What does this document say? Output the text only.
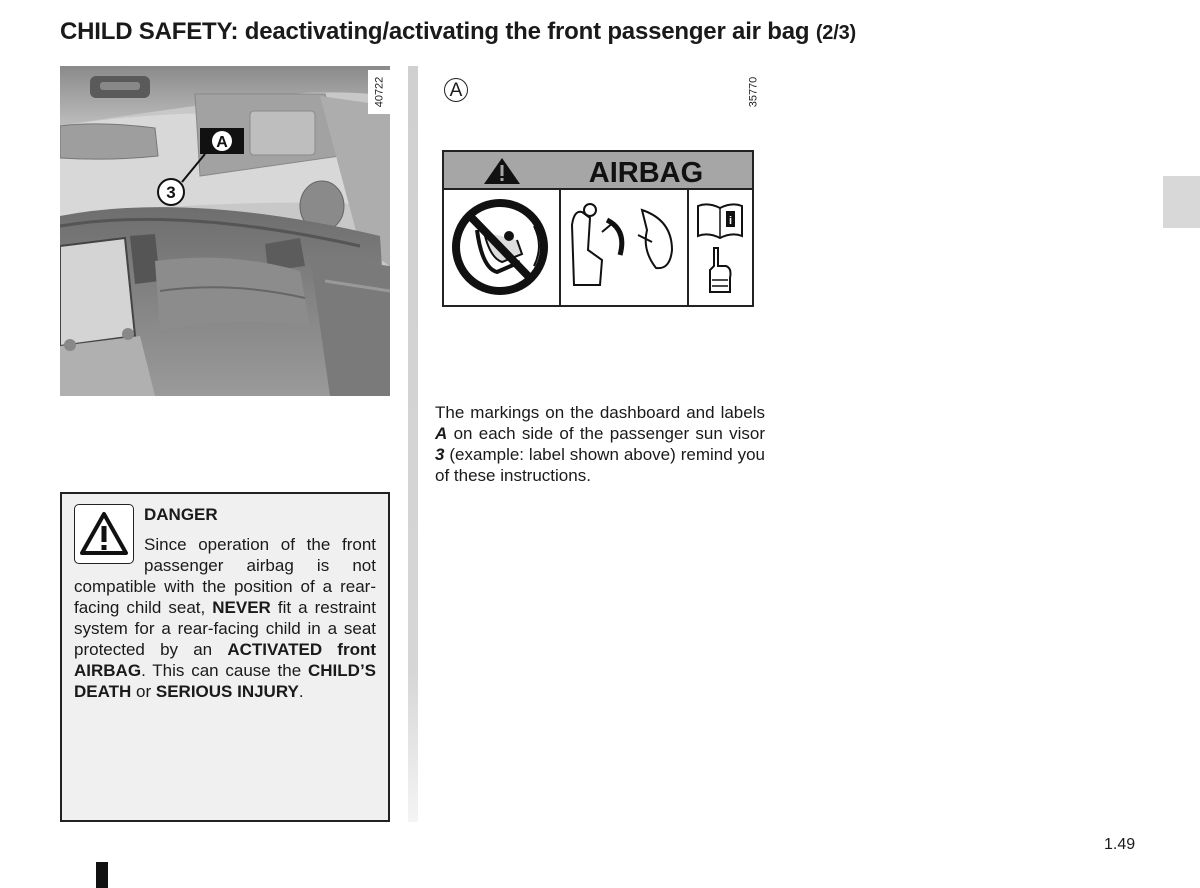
CHILD SAFETY: deactivating/activating the front passenger air bag (2/3)
A
3
40722	A	35770
AIRBAG
i

The markings on the dashboard and labels A on each side of the passenger sun visor 3 (example: label shown above) remind you of these instructions.

DANGER

Since operation of the front passenger airbag is not compatible with the position of a rear-facing child seat, NEVER fit a restraint system for a rear-facing child in a seat protected by an ACTIVATED front AIRBAG. This can cause the CHILD’S DEATH or SERIOUS INJURY.

1.49
